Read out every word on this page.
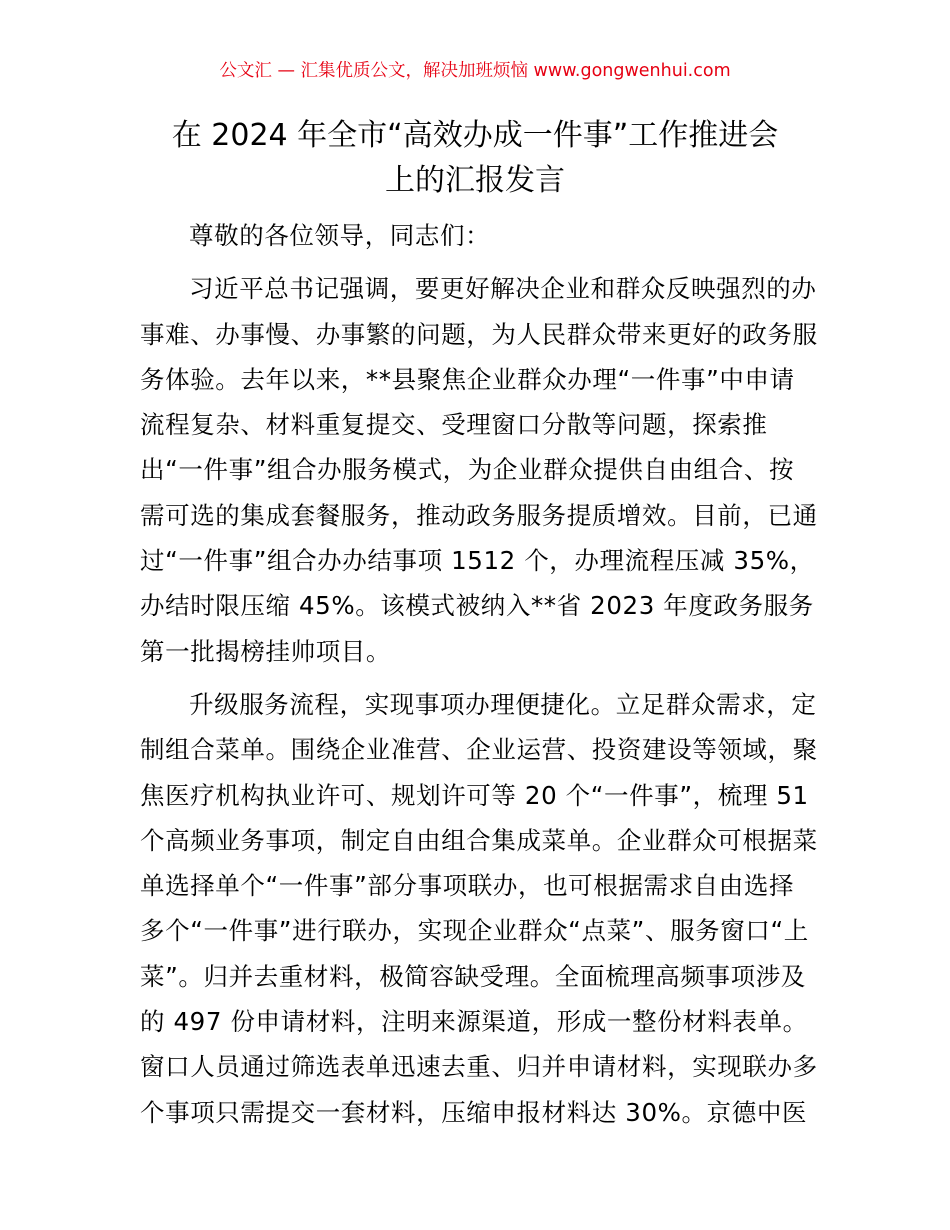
公文汇 — 汇集优质公文，解决加班烦恼 www.gongwenhui.com
在 2024 年全市“高效办成一件事”工作推进会
上的汇报发言

尊敬的各位领导，同志们：

习近平总书记强调，要更好解决企业和群众反映强烈的办
事难、办事慢、办事繁的问题，为人民群众带来更好的政务服
务体验。去年以来，**县聚焦企业群众办理“一件事”中申请
流程复杂、材料重复提交、受理窗口分散等问题，探索推
出“一件事”组合办服务模式，为企业群众提供自由组合、按
需可选的集成套餐服务，推动政务服务提质增效。目前，已通
过“一件事”组合办办结事项 1512 个，办理流程压减 35%，
办结时限压缩 45%。该模式被纳入**省 2023 年度政务服务
第一批揭榜挂帅项目。
升级服务流程，实现事项办理便捷化。立足群众需求，定
制组合菜单。围绕企业准营、企业运营、投资建设等领域，聚
焦医疗机构执业许可、规划许可等 20 个“一件事”，梳理 51
个高频业务事项，制定自由组合集成菜单。企业群众可根据菜
单选择单个“一件事”部分事项联办，也可根据需求自由选择
多个“一件事”进行联办，实现企业群众“点菜”、服务窗口“上
菜”。归并去重材料，极简容缺受理。全面梳理高频事项涉及
的 497 份申请材料，注明来源渠道，形成一整份材料表单。
窗口人员通过筛选表单迅速去重、归并申请材料，实现联办多
个事项只需提交一套材料，压缩申报材料达 30%。京德中医
